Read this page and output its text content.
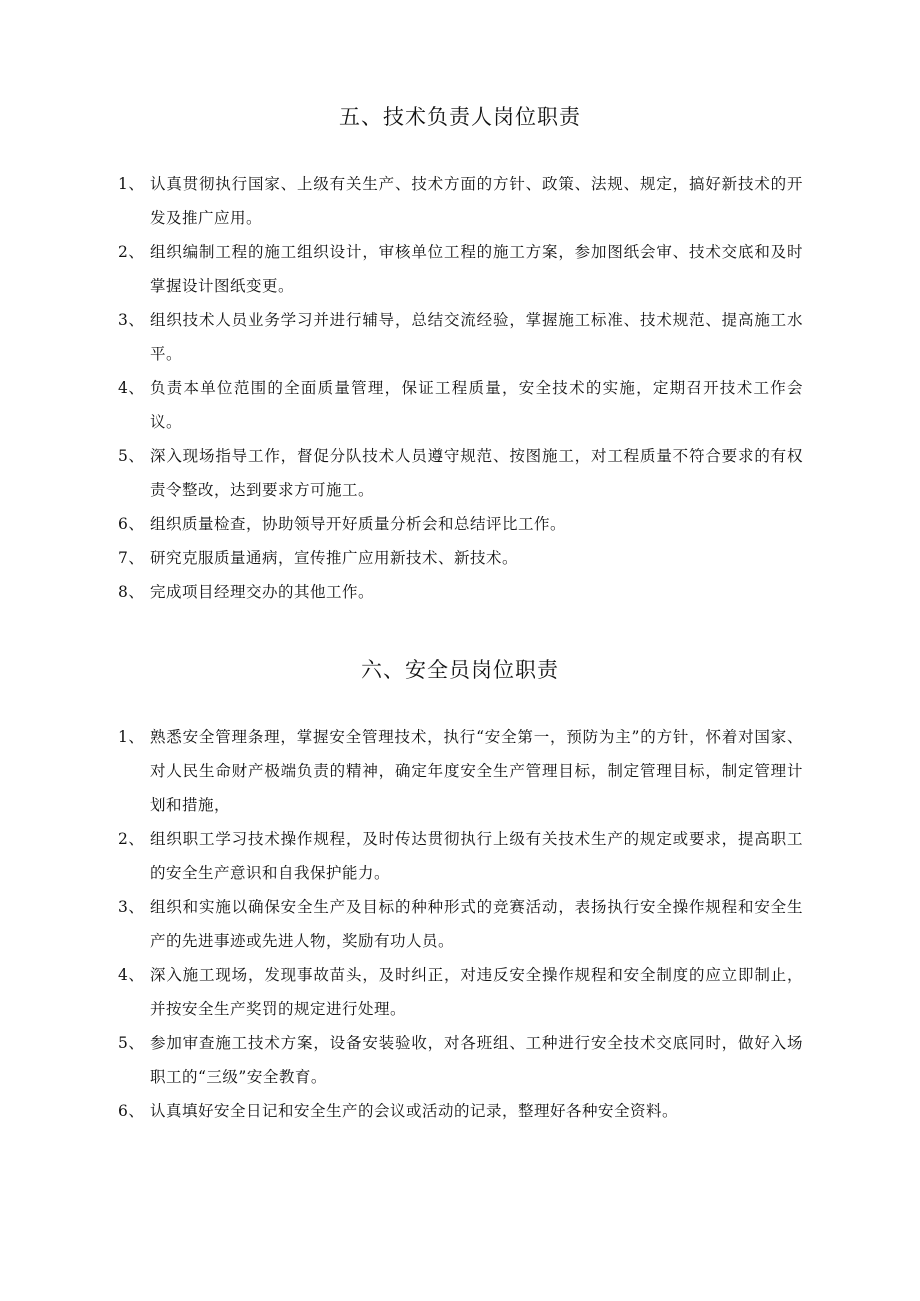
五、技术负责人岗位职责
1、 认真贯彻执行国家、上级有关生产、技术方面的方针、政策、法规、规定，搞好新技术的开发及推广应用。
2、 组织编制工程的施工组织设计，审核单位工程的施工方案，参加图纸会审、技术交底和及时掌握设计图纸变更。
3、 组织技术人员业务学习并进行辅导，总结交流经验，掌握施工标准、技术规范、提高施工水平。
4、 负责本单位范围的全面质量管理，保证工程质量，安全技术的实施，定期召开技术工作会议。
5、 深入现场指导工作，督促分队技术人员遵守规范、按图施工，对工程质量不符合要求的有权责令整改，达到要求方可施工。
6、 组织质量检查，协助领导开好质量分析会和总结评比工作。
7、 研究克服质量通病，宣传推广应用新技术、新技术。
8、 完成项目经理交办的其他工作。
六、安全员岗位职责
1、 熟悉安全管理条理，掌握安全管理技术，执行“安全第一，预防为主”的方针，怀着对国家、对人民生命财产极端负责的精神，确定年度安全生产管理目标，制定管理目标，制定管理计划和措施，
2、 组织职工学习技术操作规程，及时传达贯彻执行上级有关技术生产的规定或要求，提高职工的安全生产意识和自我保护能力。
3、 组织和实施以确保安全生产及目标的种种形式的竞赛活动，表扬执行安全操作规程和安全生产的先进事迹或先进人物，奖励有功人员。
4、 深入施工现场，发现事故苗头，及时纠正，对违反安全操作规程和安全制度的应立即制止，并按安全生产奖罚的规定进行处理。
5、 参加审查施工技术方案，设备安装验收，对各班组、工种进行安全技术交底同时，做好入场职工的“三级”安全教育。
6、 认真填好安全日记和安全生产的会议或活动的记录，整理好各种安全资料。
